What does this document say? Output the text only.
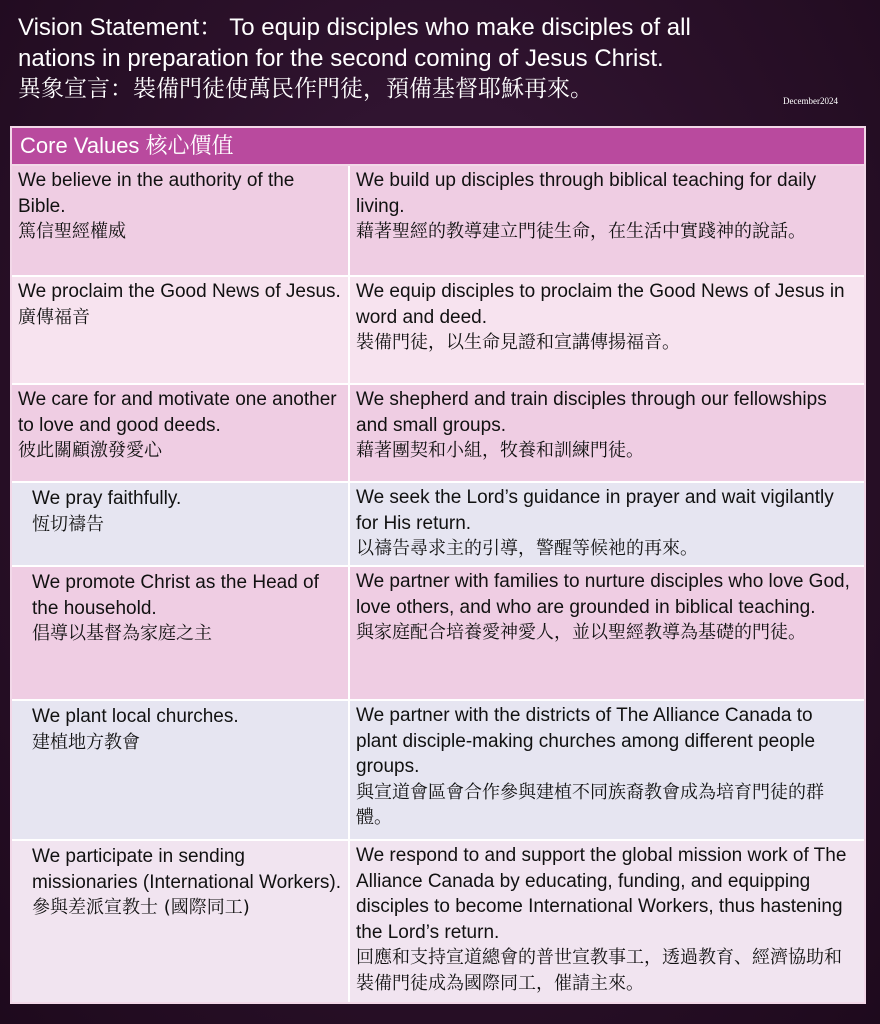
Vision Statement： To equip disciples who make disciples of all
nations in preparation for the second coming of Jesus Christ.
異象宣言：裝備門徒使萬民作門徒，預備基督耶穌再來。	December2024
Core Values 核心價值
We believe in the authority of the Bible.
篤信聖經權威
We build up disciples through biblical teaching for daily living.
藉著聖經的教導建立門徒生命，在生活中實踐神的說話。
We proclaim the Good News of Jesus.
廣傳福音
We equip disciples to proclaim the Good News of Jesus in word and deed.
裝備門徒，以生命見證和宣講傳揚福音。
We care for and motivate one another to love and good deeds.
彼此關顧激發愛心
We shepherd and train disciples through our fellowships and small groups.
藉著團契和小組，牧養和訓練門徒。
We pray faithfully.
恆切禱告
We seek the Lord’s guidance in prayer and wait vigilantly for His return.
以禱告尋求主的引導，警醒等候祂的再來。
We promote Christ as the Head of the household.
倡導以基督為家庭之主
We partner with families to nurture disciples who love God, love others, and who are grounded in biblical teaching.
與家庭配合培養愛神愛人，並以聖經教導為基礎的門徒。
We plant local churches.
建植地方教會
We partner with the districts of The Alliance Canada to plant disciple-making churches among different people groups.
與宣道會區會合作參與建植不同族裔教會成為培育門徒的群體。
We participate in sending missionaries (International Workers).
參與差派宣教士 (國際同工)
We respond to and support the global mission work of The Alliance Canada by educating, funding, and equipping disciples to become International Workers, thus hastening the Lord’s return.
回應和支持宣道總會的普世宣教事工，透過教育、經濟協助和裝備門徒成為國際同工，催請主來。
